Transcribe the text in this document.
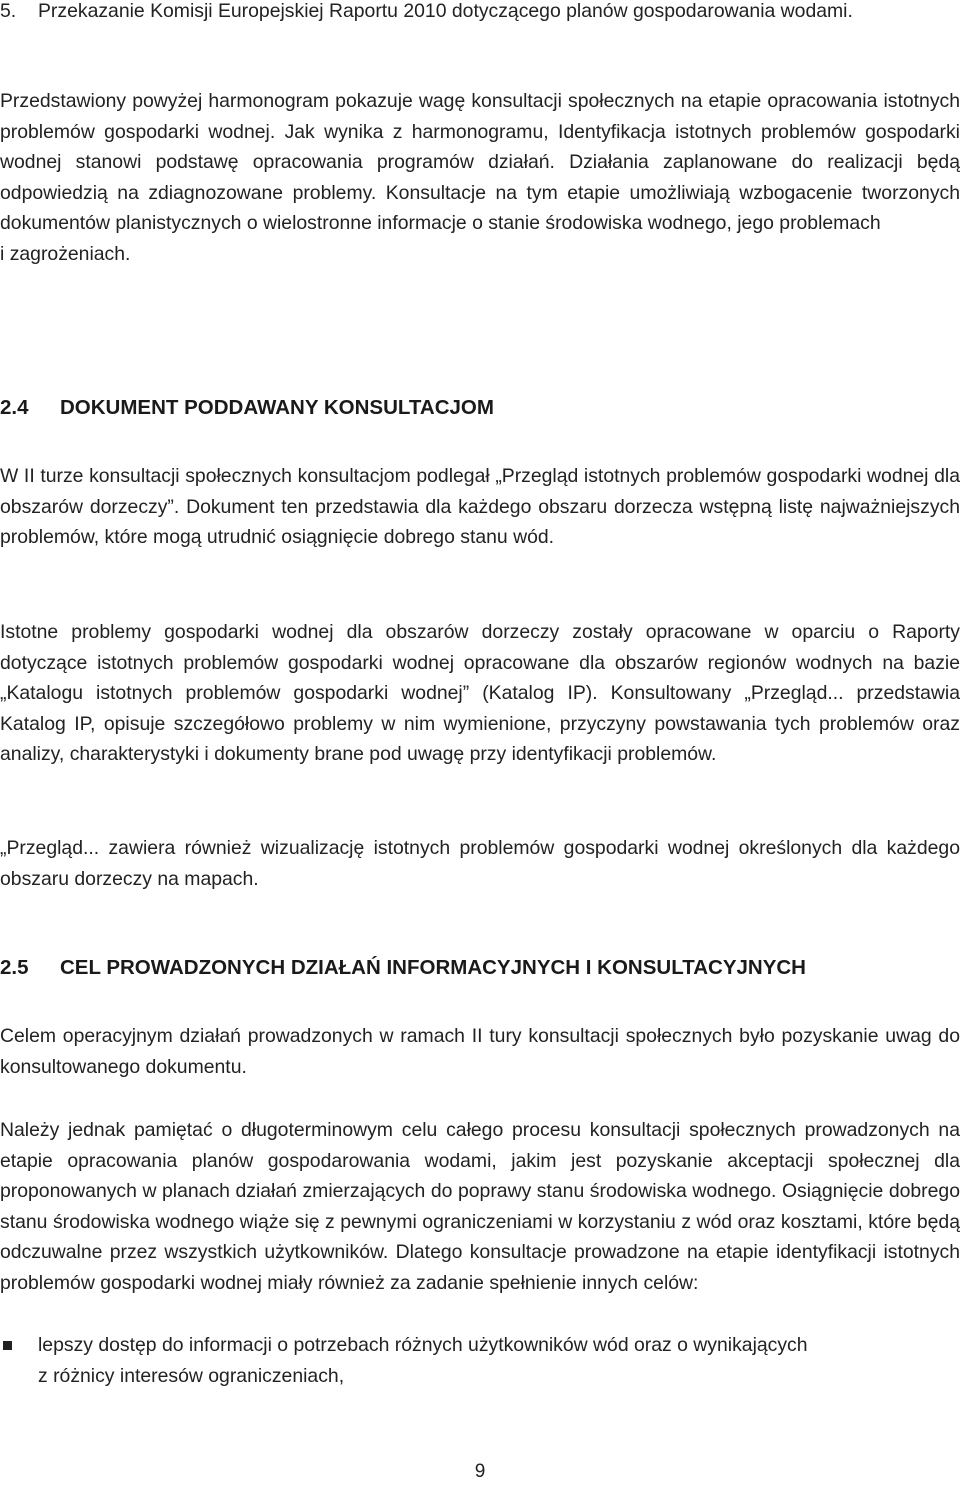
5.	Przekazanie Komisji Europejskiej Raportu 2010 dotyczącego planów gospodarowania wodami.

Przedstawiony powyżej harmonogram pokazuje wagę konsultacji społecznych na etapie opracowania istotnych problemów gospodarki wodnej. Jak wynika z harmonogramu, Identyfikacja istotnych problemów gospodarki wodnej stanowi podstawę opracowania programów działań. Działania zaplanowane do realizacji będą odpowiedzią na zdiagnozowane problemy. Konsultacje na tym etapie umożliwiają wzbogacenie tworzonych dokumentów planistycznych o wielostronne informacje o stanie środowiska wodnego, jego problemach

i zagrożeniach.

2.4 DOKUMENT PODDAWANY KONSULTACJOM

W II turze konsultacji społecznych konsultacjom podlegał „Przegląd istotnych problemów gospodarki wodnej dla obszarów dorzeczy”. Dokument ten przedstawia dla każdego obszaru dorzecza wstępną listę najważniejszych problemów, które mogą utrudnić osiągnięcie dobrego stanu wód.

Istotne problemy gospodarki wodnej dla obszarów dorzeczy zostały opracowane w oparciu o Raporty dotyczące istotnych problemów gospodarki wodnej opracowane dla obszarów regionów wodnych na bazie „Katalogu istotnych problemów gospodarki wodnej” (Katalog IP). Konsultowany „Przegląd... przedstawia Katalog IP, opisuje szczegółowo problemy w nim wymienione, przyczyny powstawania tych problemów oraz analizy, charakterystyki i dokumenty brane pod uwagę przy identyfikacji problemów.

„Przegląd... zawiera również wizualizację istotnych problemów gospodarki wodnej określonych dla każdego obszaru dorzeczy na mapach.

2.5 CEL PROWADZONYCH DZIAŁAŃ INFORMACYJNYCH I KONSULTACYJNYCH

Celem operacyjnym działań prowadzonych w ramach II tury konsultacji społecznych było pozyskanie uwag do konsultowanego dokumentu.

Należy jednak pamiętać o długoterminowym celu całego procesu konsultacji społecznych prowadzonych na etapie opracowania planów gospodarowania wodami, jakim jest pozyskanie akceptacji społecznej dla proponowanych w planach działań zmierzających do poprawy stanu środowiska wodnego. Osiągnięcie dobrego stanu środowiska wodnego wiąże się z pewnymi ograniczeniami w korzystaniu z wód oraz kosztami, które będą odczuwalne przez wszystkich użytkowników. Dlatego konsultacje prowadzone na etapie identyfikacji istotnych problemów gospodarki wodnej miały również za zadanie spełnienie innych celów:

lepszy dostęp do informacji o potrzebach różnych użytkowników wód oraz o wynikających

z różnicy interesów ograniczeniach,

9
